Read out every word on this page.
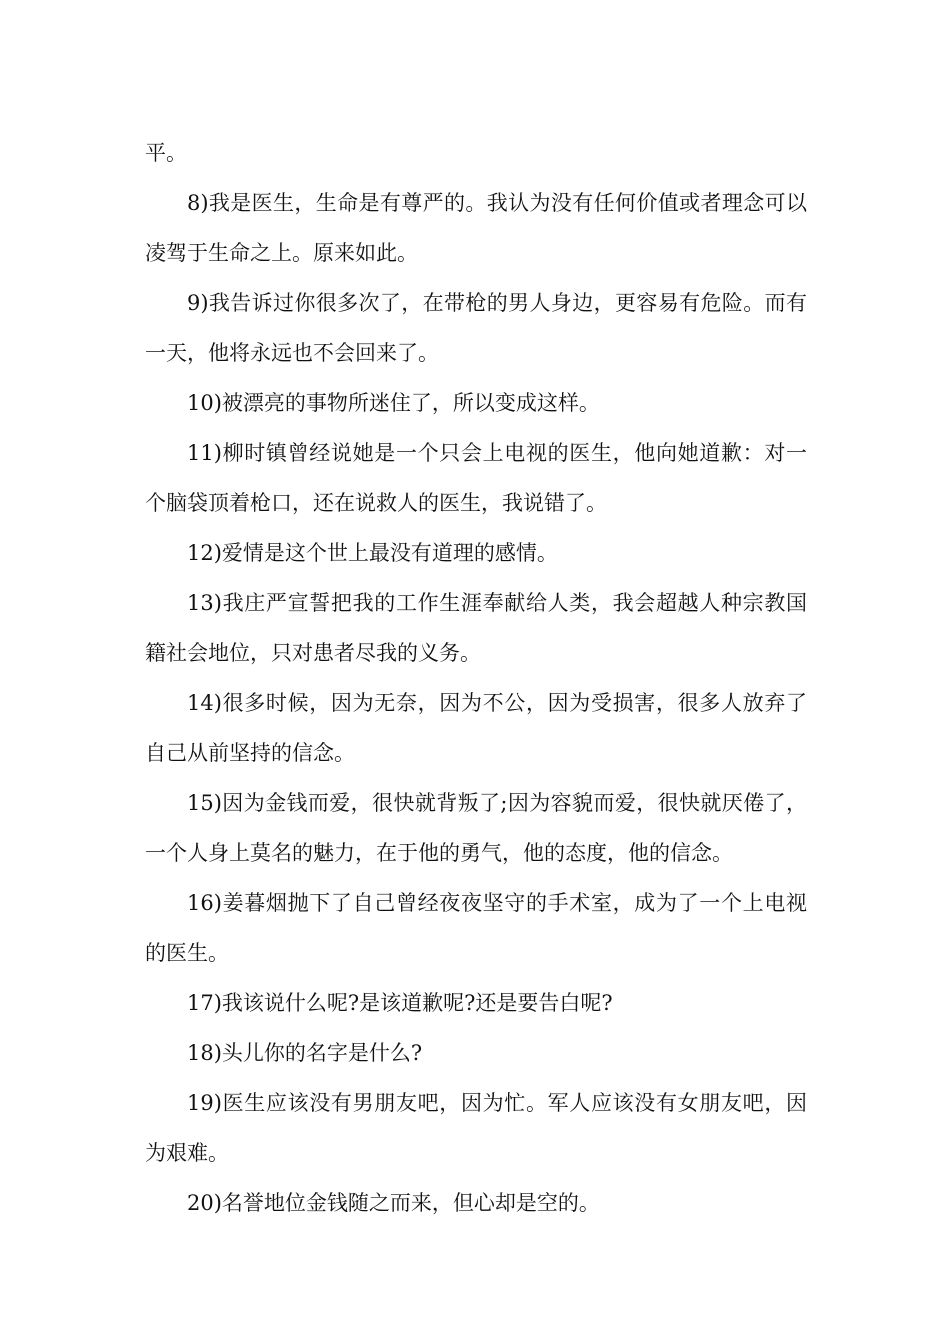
平。

8)我是医生，生命是有尊严的。我认为没有任何价值或者理念可以凌驾于生命之上。原来如此。

9)我告诉过你很多次了，在带枪的男人身边，更容易有危险。而有一天，他将永远也不会回来了。

10)被漂亮的事物所迷住了，所以变成这样。

11)柳时镇曾经说她是一个只会上电视的医生，他向她道歉：对一个脑袋顶着枪口，还在说救人的医生，我说错了。

12)爱情是这个世上最没有道理的感情。

13)我庄严宣誓把我的工作生涯奉献给人类，我会超越人种宗教国籍社会地位，只对患者尽我的义务。

14)很多时候，因为无奈，因为不公，因为受损害，很多人放弃了自己从前坚持的信念。

15)因为金钱而爱，很快就背叛了;因为容貌而爱，很快就厌倦了，一个人身上莫名的魅力，在于他的勇气，他的态度，他的信念。

16)姜暮烟抛下了自己曾经夜夜坚守的手术室，成为了一个上电视的医生。

17)我该说什么呢?是该道歉呢?还是要告白呢?

18)头儿你的名字是什么?

19)医生应该没有男朋友吧，因为忙。军人应该没有女朋友吧，因为艰难。

20)名誉地位金钱随之而来，但心却是空的。
